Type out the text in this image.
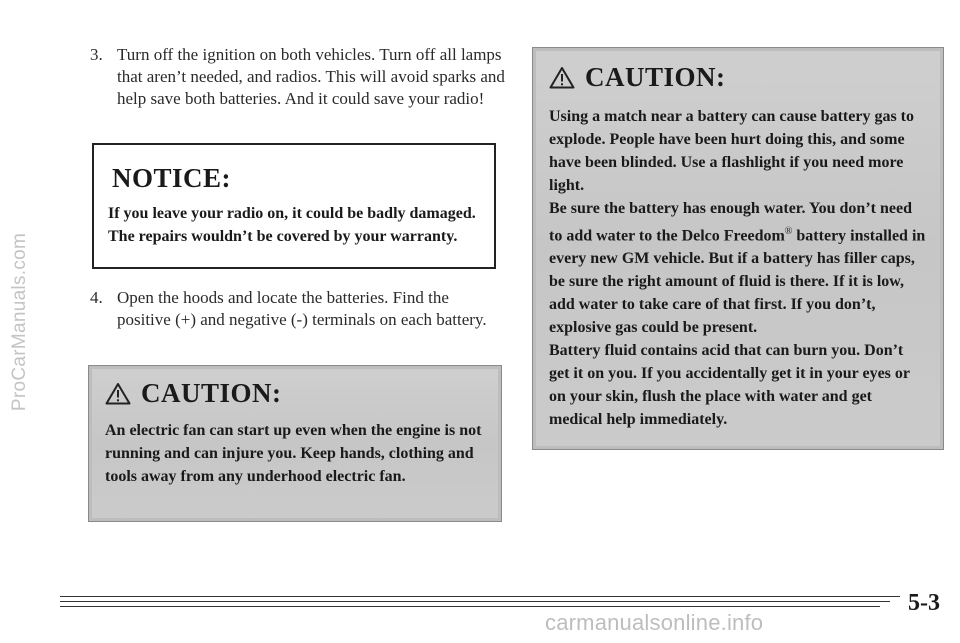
ProCarManuals.com
3. Turn off the ignition on both vehicles. Turn off all lamps that aren’t needed, and radios. This will avoid sparks and help save both batteries. And it could save your radio!
NOTICE:

If you leave your radio on, it could be badly damaged. The repairs wouldn’t be covered by your warranty.

4. Open the hoods and locate the batteries. Find the positive (+) and negative (-) terminals on each battery.
CAUTION:

An electric fan can start up even when the engine is not running and can injure you. Keep hands, clothing and tools away from any underhood electric fan.

CAUTION:

Using a match near a battery can cause battery gas to explode. People have been hurt doing this, and some have been blinded. Use a flashlight if you need more light.

Be sure the battery has enough water. You don’t need to add water to the Delco Freedom® battery installed in every new GM vehicle. But if a battery has filler caps, be sure the right amount of fluid is there. If it is low, add water to take care of that first. If you don’t, explosive gas could be present.

Battery fluid contains acid that can burn you. Don’t get it on you. If you accidentally get it in your eyes or on your skin, flush the place with water and get medical help immediately.

5-3
carmanualsonline.info
